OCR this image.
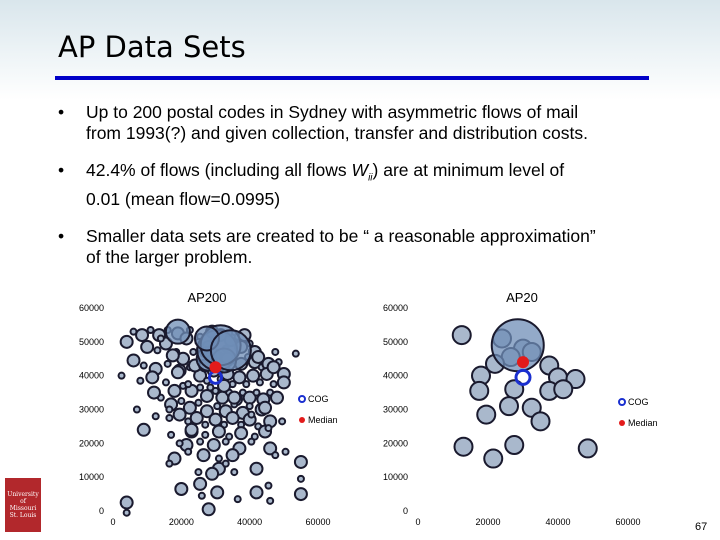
AP Data Sets
• Up to 200 postal codes in Sydney with asymmetric flows of mail
from 1993(?) and given collection, transfer and distribution costs.
• 42.4% of flows (including all flows $W_{ii}$) are at minimum level of
0.01 (mean flow=0.0995)
• Smaller data sets are created to be “ a reasonable approximation”
of the larger problem.
AP200
0
10000
20000
30000
40000
50000
60000
0	20000	40000	60000
COG
Median
AP20
0
10000
20000
30000
40000
50000
60000
0	20000	40000	60000
COG
Median
University
of
Missouri
St. Louis
67
